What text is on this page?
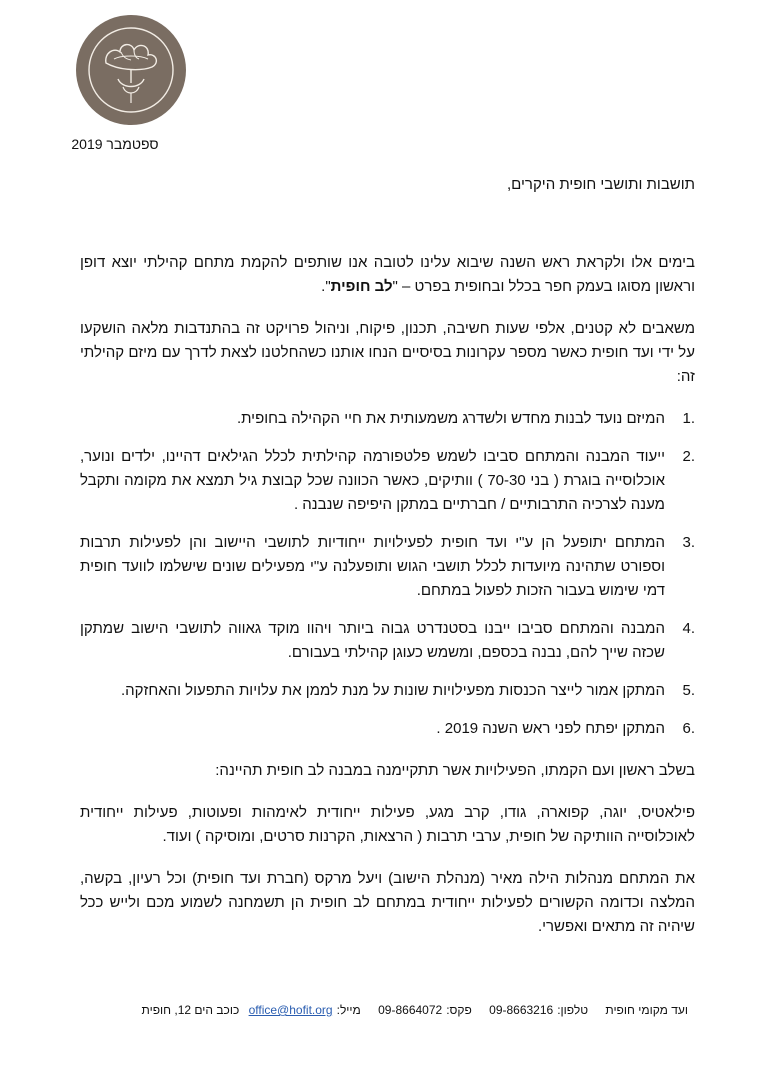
ספטמבר 2019
תושבות ותושבי חופית היקרים,
בימים אלו ולקראת ראש השנה שיבוא עלינו לטובה אנו שותפים להקמת מתחם קהילתי יוצא דופן וראשון מסוגו בעמק חפר בכלל ובחופית בפרט – "לב חופית".
משאבים לא קטנים, אלפי שעות חשיבה, תכנון, פיקוח, וניהול פרויקט זה בהתנדבות מלאה הושקעו על ידי ועד חופית כאשר מספר עקרונות בסיסיים הנחו אותנו כשהחלטנו לצאת לדרך עם מיזם קהילתי זה:
1.
המיזם נועד לבנות מחדש ולשדרג משמעותית את חיי הקהילה בחופית.
2.
ייעוד המבנה והמתחם סביבו לשמש פלטפורמה קהילתית לכלל הגילאים דהיינו, ילדים ונוער, אוכלוסייה בוגרת ( בני 70-30 ) וותיקים, כאשר הכוונה שכל קבוצת גיל תמצא את מקומה ותקבל מענה לצרכיה התרבותיים / חברתיים במתקן היפיפה שנבנה .
3.
המתחם יתופעל הן ע"י ועד חופית לפעילויות ייחודיות לתושבי היישוב והן לפעילות תרבות וספורט שתהינה מיועדות לכלל תושבי הגוש ותופעלנה ע"י מפעילים שונים שישלמו לוועד חופית דמי שימוש בעבור הזכות לפעול במתחם.
4.
המבנה והמתחם סביבו ייבנו בסטנדרט גבוה ביותר ויהוו מוקד גאווה לתושבי הישוב שמתקן שכזה שייך להם, נבנה בכספם, ומשמש כעוגן קהילתי בעבורם.
5.
המתקן אמור לייצר הכנסות מפעילויות שונות על מנת לממן את עלויות התפעול והאחזקה.
6.
המתקן יפתח לפני ראש השנה 2019 .
בשלב ראשון ועם הקמתו, הפעילויות אשר תתקיימנה במבנה לב חופית תהיינה:
פילאטיס, יוגה, קפוארה, גודו, קרב מגע, פעילות ייחודית לאימהות ופעוטות, פעילות ייחודית לאוכלוסייה הוותיקה של חופית, ערבי תרבות ( הרצאות, הקרנות סרטים, ומוסיקה ) ועוד.
את המתחם מנהלות הילה מאיר (מנהלת הישוב) ויעל מרקס (חברת ועד חופית) וכל רעיון, בקשה, המלצה וכדומה הקשורים לפעילות ייחודית במתחם לב חופית הן תשמחנה לשמוע מכם ולייש ככל שיהיה זה מתאים ואפשרי.
ועד מקומי חופית טלפון:09-8663216 פקס:09-8664072 מייל:office@hofit.org כוכב הים 12, חופית
